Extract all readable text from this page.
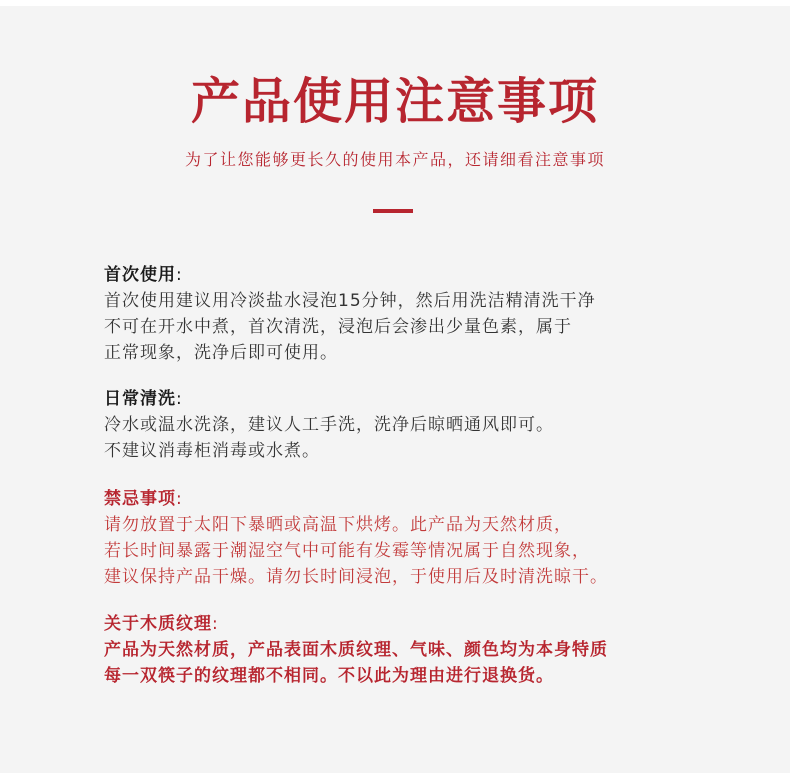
产品使用注意事项
为了让您能够更长久的使用本产品，还请细看注意事项
首次使用:
首次使用建议用冷淡盐水浸泡15分钟，然后用洗洁精清洗干净
不可在开水中煮，首次清洗，浸泡后会渗出少量色素，属于
正常现象，洗净后即可使用。
日常清洗:
冷水或温水洗涤，建议人工手洗，洗净后晾晒通风即可。
不建议消毒柜消毒或水煮。
禁忌事项:
请勿放置于太阳下暴晒或高温下烘烤。此产品为天然材质，
若长时间暴露于潮湿空气中可能有发霉等情况属于自然现象，
建议保持产品干燥。请勿长时间浸泡，于使用后及时清洗晾干。
关于木质纹理:
产品为天然材质，产品表面木质纹理、气味、颜色均为本身特质
每一双筷子的纹理都不相同。不以此为理由进行退换货。
